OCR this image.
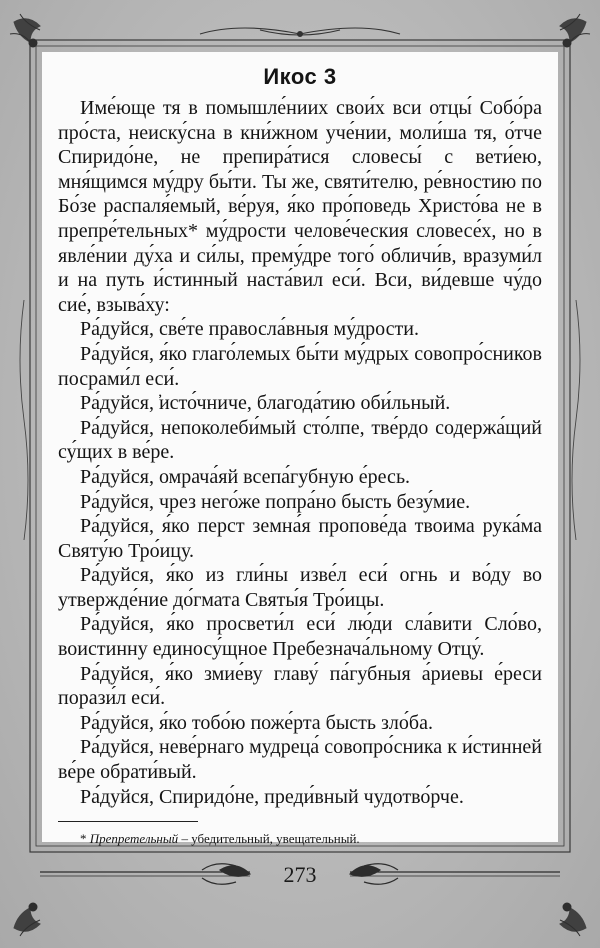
Икос 3

Име́юще тя в помышле́ниих свои́х вси отцы́ Собо́ра про́ста, неиску́сна в кни́жном уче́нии, моли́ша тя, о́тче Спиридо́не, не препира́тися словесы́ с вети́ею, мня́щимся му́дру бы́ти. Ты же, святи́телю, ре́вностию по Бо́зе распаля́емый, ве́руя, я́ко про́поведь Христо́ва не в препре́тельных* му́дрости челове́ческия словесе́х, но в явле́нии ду́ха и си́лы, прему́дре того́ обличи́в, вразуми́л и на путь и́стинный наста́вил еси́. Вси, ви́девше чу́до сие́, взыва́ху:

Ра́дуйся, све́те правосла́вныя му́дрости.

Ра́дуйся, я́ко глаго́лемых бы́ти му́дрых совопро́сников посрами́л еси́.

Ра́дуйся, ̕исто́чниче, благода́тию оби́льный.

Ра́дуйся, непоколеби́мый сто́лпе, тве́рдо содержа́щий су́щих в ве́ре.

Ра́дуйся, омрача́яй всепа́губную е́ресь.

Ра́дуйся, чрез него́же попра́но бысть безу́мие.

Ра́дуйся, я́ко перст земна́я пропове́да твоима рука́ма Святу́ю Тро́ицу.

Ра́дуйся, я́ко из гли́ны изве́л еси́ огнь и во́ду во утвержде́ние до́гмата Святы́я Тро́ицы.

Ра́дуйся, я́ко просвети́л еси́ лю́ди сла́вити Сло́во, воистинну единосу́щное Пребезнача́льному Отцу́.

Ра́дуйся, я́ко змие́ву главу́ па́губныя а́риевы е́реси порази́л еси́.

Ра́дуйся, я́ко тобо́ю поже́рта бысть зло́ба.

Ра́дуйся, неве́рнаго мудреца́ совопро́сника к и́стинней ве́ре обрати́вый.

Ра́дуйся, Спиридо́не, преди́вный чудотво́рче.

* Препретельный – убедительный, увещательный.

273
